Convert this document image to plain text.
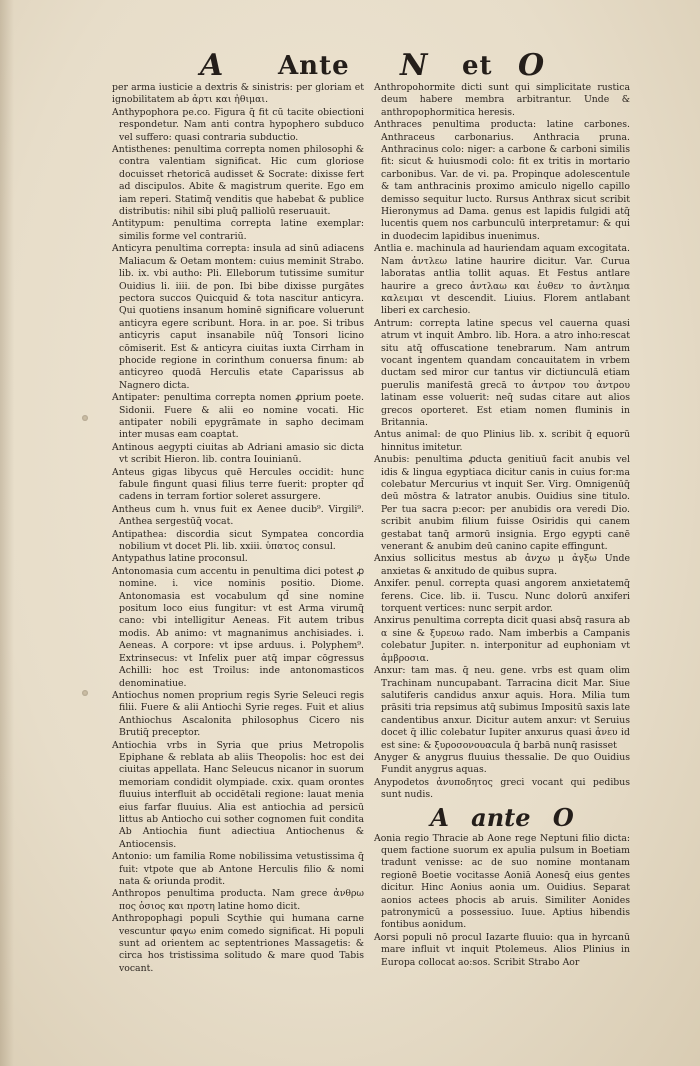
A Ante N et O

per arma iusticie a dextris & sinistris: per gloriam et ignobilitatem ab ἀρτι και ἠθιμαι.

Anthypophora pe.co. Figura q̄ fit cū tacite obiectioni respondetur. Nam anti contra hypophero subduco vel suffero: quasi contraria subductio.

Antisthenes: penultima correpta nomen philosophi & contra valentiam significat. Hic cum gloriose docuisset rhetoricā audisset & Socrate: dixisse fert ad discipulos. Abite & magistrum querite. Ego em iam reperi. Statimq̄ venditis que habebat & publice distributis: nihil sibi pluq̄ palliolū reseruauit.

Antitypum: penultima correpta latine exemplar: similis forme vel contrariū.

Anticyra penultima correpta: insula ad sinū adiacens Maliacum & Oetam montem: cuius meminit Strabo. lib. ix. vbi autho: Pli. Elleborum tutissime sumitur Ouidius li. iiii. de pon. Ibi bibe dixisse purgātes pectora succos Quicquid & tota nascitur anticyra. Qui quotiens insanum hominē significare voluerunt anticyra egere scribunt. Hora. in ar. poe. Si tribus anticyris caput insanabile nūq̄ Tonsori licino cōmiserit. Est & anticyra ciuitas iuxta Cirrham in phocide regione in corinthum conuersa finum: ab anticyreo quodā Herculis etate Caparissus ab Nagnero dicta.

Antipater: penultima correpta nomen ꝓprium poete. Sidonii. Fuere & alii eo nomine vocati. Hic antipater nobili epygrāmate in sapho decimam inter musas eam coaptat.

Antinous aegypti ciuitas ab Adriani amasio sic dicta vt scribit Hieron. lib. contra Iouinianū.

Anteus gigas libycus quē Hercules occidit: hunc fabule fingunt quasi filius terre fuerit: propter qd̄ cadens in terram fortior soleret assurgere.

Antheus cum h. vnus fuit ex Aenee ducib⁹. Virgili⁹. Anthea sergestūq̄ vocat.

Antipathea: discordia sicut Sympatea concordia nobilium vt docet Pli. lib. xxiii. ὑπατος consul.

Antypathus latine proconsul.

Antonomasia cum accentu in penultima dici potest ꝓ nomine. i. vice nominis positio. Diome. Antonomasia est vocabulum qd̄ sine nomine positum loco eius fungitur: vt est Arma virumq̄ cano: vbi intelligitur Aeneas. Fit autem tribus modis. Ab animo: vt magnanimus anchisiades. i. Aeneas. A corpore: vt ipse arduus. i. Polyphem⁹. Extrinsecus: vt Infelix puer atq̄ impar cōgressus Achilli: hoc est Troilus: inde antonomasticos denominatiue.

Antiochus nomen proprium regis Syrie Seleuci regis filii. Fuere & alii Antiochi Syrie reges. Fuit et alius Anthiochus Ascalonita philosophus Cicero nis Brutiq̄ preceptor.

Antiochia vrbs in Syria que prius Metropolis Epiphane & reblata ab aliis Theopolis: hoc est dei ciuitas appellata. Hanc Seleucus nicanor in suorum memoriam condidit olympiade. cxix. quam orontes fluuius interfluit ab occidētali regione: lauat menia eius farfar fluuius. Alia est antiochia ad persicū littus ab Antiocho cui sother cognomen fuit condita Ab Antiochia fiunt adiectiua Antiochenus & Antiocensis.

Antonio: um familia Rome nobilissima vetustissima q̄ fuit: vtpote que ab Antone Herculis filio & nomi nata & oriunda prodit.

Anthropos penultima producta. Nam grece ἀνθρω πος ὀσιος και προτη latine homo dicit.

Anthropophagi populi Scythie qui humana carne vescuntur φαγω enim comedo significat. Hi populi sunt ad orientem ac septentriones Massagetis: & circa hos tristissima solitudo & mare quod Tabis vocant.

Anthropohormite dicti sunt qui simplicitate rustica deum habere membra arbitrantur. Unde & anthropophormitica heresis.

Anthraces penultima producta: latine carbones. Anthraceus carbonarius. Anthracia pruna. Anthracinus colo: niger: a carbone & carboni similis fit: sicut & huiusmodi colo: fit ex tritis in mortario carbonibus. Var. de vi. pa. Propinque adolescentule & tam anthracinis proximo amiculo nigello capillo demisso sequitur lucto. Rursus Anthrax sicut scribit Hieronymus ad Dama. genus est lapidis fulgidi atq̄ lucentis quem nos carbunculū interpretamur: & qui in duodecim lapidibus inuenimus.

Antlia e. machinula ad hauriendam aquam excogitata. Nam ἀντλεω latine haurire dicitur. Var. Curua laboratas antlia tollit aquas. Et Festus antlare haurire a greco ἀντλαω και ἐυθεν το ἀντλημα καλειμαι vt descendit. Liuius. Florem antlabant liberi ex carchesio.

Antrum: correpta latine specus vel cauerna quasi atrum vt inquit Ambro. lib. Hora. a atro inho:rescat situ atq̄ offuscatione tenebrarum. Nam antrum vocant ingentem quandam concauitatem in vrbem ductam sed miror cur tantus vir dictiunculā etiam puerulis manifestā grecā το ἀντρον του ἀντρου latinam esse voluerit: neq̄ sudas citare aut alios grecos oporteret. Est etiam nomen fluminis in Britannia.

Antus animal: de quo Plinius lib. x. scribit q̄ equorū hinnitus imitetur.

Anubis: penultima ꝓducta genitiuū facit anubis vel idis & lingua egyptiaca dicitur canis in cuius for:ma colebatur Mercurius vt inquit Ser. Virg. Omnigenūq̄ deū mōstra & latrator anubis. Ouidius sine titulo. Per tua sacra p:ecor: per anubidis ora veredi Dio. scribit anubim filium fuisse Osiridis qui canem gestabat tanq̄ armorū insignia. Ergo egypti canē venerant & anubim deū canino capite effingunt.

Anxius sollicitus mestus ab ἀνχω μ ἀγξω Unde anxietas & anxitudo de quibus supra.

Anxifer. penul. correpta quasi angorem anxietatemq̄ ferens. Cice. lib. ii. Tuscu. Nunc dolorū anxiferi torquent vertices: nunc serpit ardor.

Anxirus penultima correpta dicit quasi absq̄ rasura ab α sine & ξυρευω rado. Nam imberbis a Campanis colebatur Jupiter. n. interponitur ad euphoniam vt ἀμβροσια.

Anxur: tam mas. q̄ neu. gene. vrbs est quam olim Trachinam nuncupabant. Tarracina dicit Mar. Siue salutiferis candidus anxur aquis. Hora. Milia tum prāsiti tria repsimus atq̄ subimus Impositū saxis late candentibus anxur. Dicitur autem anxur: vt Seruius docet q̄ illic colebatur Iupiter anxurus quasi ἀνευ id est sine: & ξυροσονουαcula q̄ barbā nunq̄ rasisset

Anyger & anygrus fluuius thessalie. De quo Ouidius Fundit anygrus aquas.

Anypodetos ἀνυποδητος greci vocant qui pedibus sunt nudis.

A ante O

Aonia regio Thracie ab Aone rege Neptuni filio dicta: quem factione suorum ex apulia pulsum in Boetiam tradunt venisse: ac de suo nomine montanam regionē Boetie vocitasse Aoniā Aonesq̄ eius gentes dicitur. Hinc Aonius aonia um. Ouidius. Separat aonios actees phocis ab aruis. Similiter Aonides patronymicū a possessiuo. Iuue. Aptius hibendis fontibus aonidum.

Aorsi populi nō procul Iazarte fluuio: qua in hyrcanū mare influit vt inquit Ptolemeus. Alios Plinius in Europa collocat ao:sos. Scribit Strabo Aor
